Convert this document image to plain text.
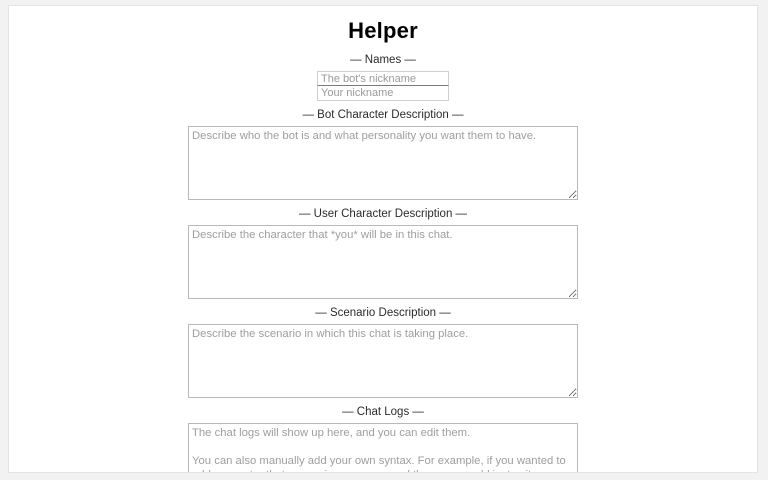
Helper
— Names —
The bot's nickname
Your nickname
— Bot Character Description —
Describe who the bot is and what personality you want them to have.
— User Character Description —
Describe the character that *you* will be in this chat.
— Scenario Description —
Describe the scenario in which this chat is taking place.
— Chat Logs —
The chat logs will show up here, and you can edit them. You can also manually add your own syntax. For example, if you wanted to add a narrator that comes in every now and then, you could just write something like: (Narrator: Later that day...) And you can of course use *asterisks* for actions, and stuff like that.
